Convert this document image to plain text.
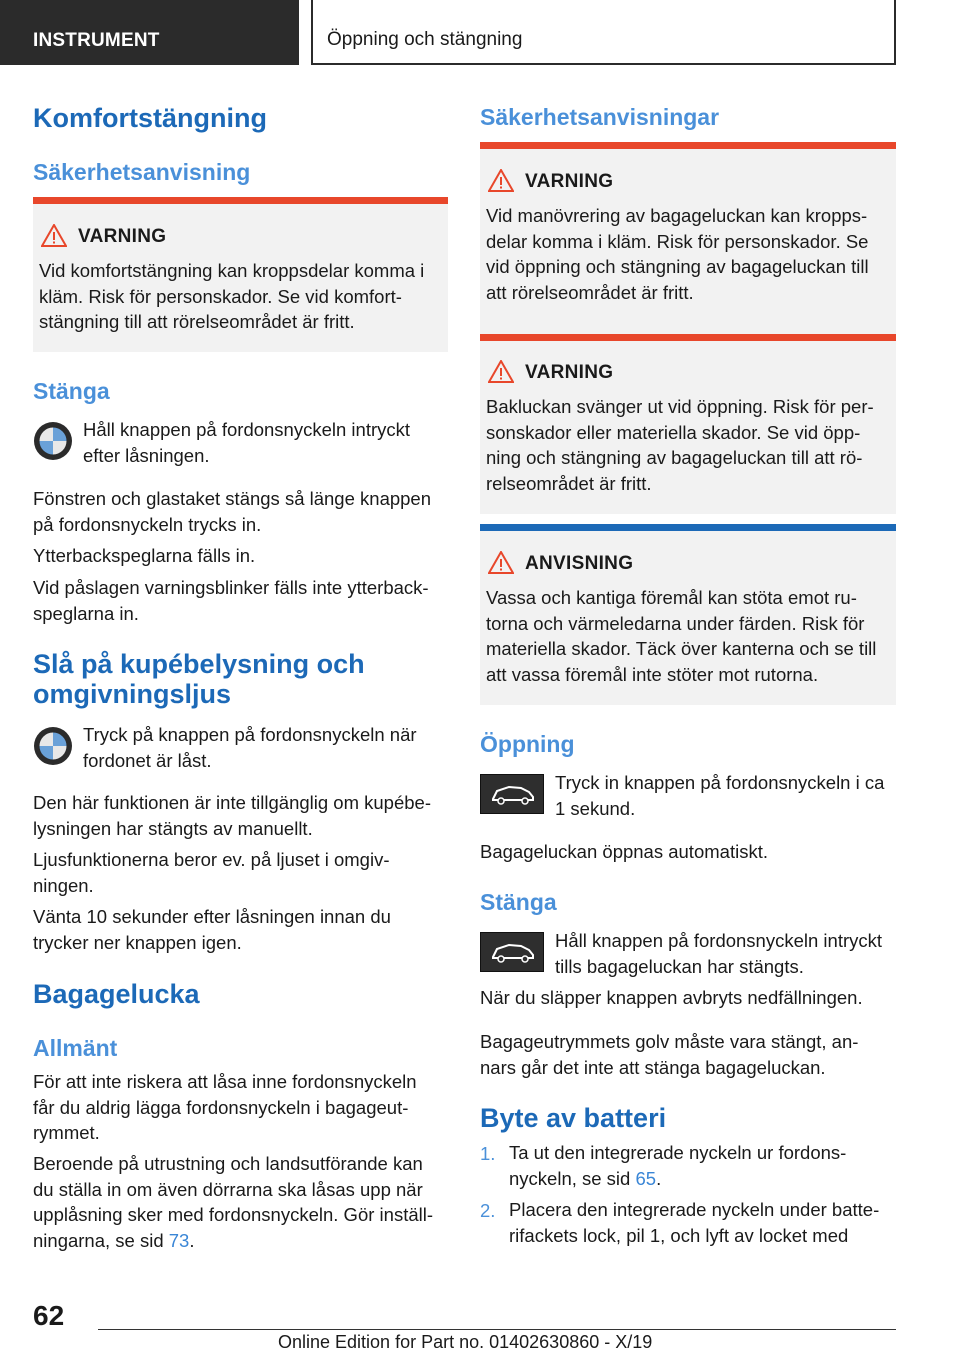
INSTRUMENT	Öppning och stängning
Komfortstängning
Säkerhetsanvisning
VARNING
Vid komfortstängning kan kroppsdelar komma i
kläm. Risk för personskador. Se vid komfort-
stängning till att rörelseområdet är fritt.
Stänga
Håll knappen på fordonsnyckeln intryckt
efter låsningen.
Fönstren och glastaket stängs så länge knappen
på fordonsnyckeln trycks in.
Ytterbackspeglarna fälls in.
Vid påslagen varningsblinker fälls inte ytterback-
speglarna in.
Slå på kupébelysning och
omgivningsljus
Tryck på knappen på fordonsnyckeln när
fordonet är låst.
Den här funktionen är inte tillgänglig om kupébe-
lysningen har stängts av manuellt.
Ljusfunktionerna beror ev. på ljuset i omgiv-
ningen.
Vänta 10 sekunder efter låsningen innan du
trycker ner knappen igen.
Bagagelucka
Allmänt
För att inte riskera att låsa inne fordonsnyckeln
får du aldrig lägga fordonsnyckeln i bagageut-
rymmet.
Beroende på utrustning och landsutförande kan
du ställa in om även dörrarna ska låsas upp när
upplåsning sker med fordonsnyckeln. Gör inställ-
ningarna, se sid 73.
Säkerhetsanvisningar
VARNING
Vid manövrering av bagageluckan kan kropps-
delar komma i kläm. Risk för personskador. Se
vid öppning och stängning av bagageluckan till
att rörelseområdet är fritt.
VARNING
Bakluckan svänger ut vid öppning. Risk för per-
sonskador eller materiella skador. Se vid öpp-
ning och stängning av bagageluckan till att rö-
relseområdet är fritt.
ANVISNING
Vassa och kantiga föremål kan stöta emot ru-
torna och värmeledarna under färden. Risk för
materiella skador. Täck över kanterna och se till
att vassa föremål inte stöter mot rutorna.
Öppning
Tryck in knappen på fordonsnyckeln i ca
1 sekund.
Bagageluckan öppnas automatiskt.
Stänga
Håll knappen på fordonsnyckeln intryckt
tills bagageluckan har stängts.
När du släpper knappen avbryts nedfällningen.
Bagageutrymmets golv måste vara stängt, an-
nars går det inte att stänga bagageluckan.
Byte av batteri
1. Ta ut den integrerade nyckeln ur fordons-
nyckeln, se sid 65.
2. Placera den integrerade nyckeln under batte-
rifackets lock, pil 1, och lyft av locket med
62
Online Edition for Part no. 01402630860 - X/19
